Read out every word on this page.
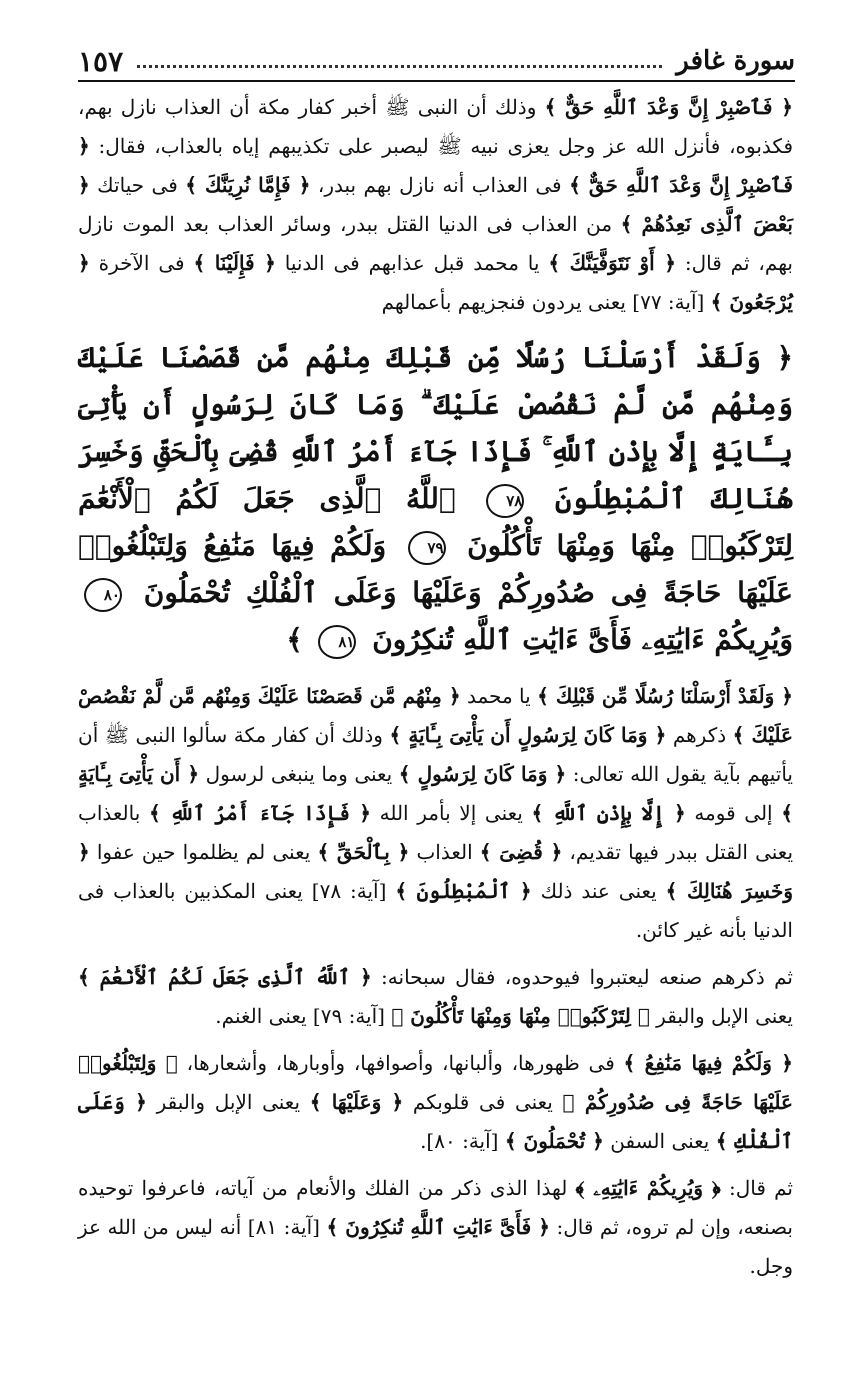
سورة غافر
١٥٧

﴿ فَٱصْبِرْ إِنَّ وَعْدَ ٱللَّهِ حَقٌّ ﴾ وذلك أن النبى ﷺ أخبر كفار مكة أن العذاب نازل بهم، فكذبوه، فأنزل الله عز وجل يعزى نبيه ﷺ ليصبر على تكذيبهم إياه بالعذاب، فقال: ﴿ فَٱصْبِرْ إِنَّ وَعْدَ ٱللَّهِ حَقٌّ ﴾ فى العذاب أنه نازل بهم ببدر، ﴿ فَإِمَّا نُرِيَنَّكَ ﴾ فى حياتك ﴿ بَعْضَ ٱلَّذِى نَعِدُهُمْ ﴾ من العذاب فى الدنيا القتل ببدر، وسائر العذاب بعد الموت نازل بهم، ثم قال: ﴿ أَوْ نَتَوَفَّيَنَّكَ ﴾ يا محمد قبل عذابهم فى الدنيا ﴿ فَإِلَيْنَا ﴾ فى الآخرة ﴿ يُرْجَعُونَ ﴾ [آية: ٧٧] يعنى يردون فنجزيهم بأعمالهم

﴿ وَلَقَدْ أَرْسَلْنَا رُسُلًا مِّن قَبْلِكَ مِنْهُم مَّن قَصَصْنَا عَلَيْكَ وَمِنْهُم مَّن لَّمْ نَقْصُصْ عَلَيْكَ ۗ وَمَا كَانَ لِرَسُولٍ أَن يَأْتِىَ بِـَٔايَةٍ إِلَّا بِإِذْنِ ٱللَّهِ ۚ فَإِذَا جَآءَ أَمْرُ ٱللَّهِ قُضِىَ بِٱلْحَقِّ وَخَسِرَ هُنَالِكَ ٱلْمُبْطِلُونَ ٧٨ ٱللَّهُ ٱلَّذِى جَعَلَ لَكُمُ ٱلْأَنْعَٰمَ لِتَرْكَبُوا۟ مِنْهَا وَمِنْهَا تَأْكُلُونَ ٧٩ وَلَكُمْ فِيهَا مَنَٰفِعُ وَلِتَبْلُغُوا۟ عَلَيْهَا حَاجَةً فِى صُدُورِكُمْ وَعَلَيْهَا وَعَلَى ٱلْفُلْكِ تُحْمَلُونَ ٨٠ وَيُرِيكُمْ ءَايَٰتِهِۦ فَأَىَّ ءَايَٰتِ ٱللَّهِ تُنكِرُونَ ٨١ ﴾

﴿ وَلَقَدْ أَرْسَلْنَا رُسُلًا مِّن قَبْلِكَ ﴾ يا محمد ﴿ مِنْهُم مَّن قَصَصْنَا عَلَيْكَ وَمِنْهُم مَّن لَّمْ نَقْصُصْ عَلَيْكَ ﴾ ذكرهم ﴿ وَمَا كَانَ لِرَسُولٍ أَن يَأْتِىَ بِـَٔايَةٍ ﴾ وذلك أن كفار مكة سألوا النبى ﷺ أن يأتيهم بآية يقول الله تعالى: ﴿ وَمَا كَانَ لِرَسُولٍ ﴾ يعنى وما ينبغى لرسول ﴿ أَن يَأْتِىَ بِـَٔايَةٍ ﴾ إلى قومه ﴿ إِلَّا بِإِذْنِ ٱللَّهِ ﴾ يعنى إلا بأمر الله ﴿ فَإِذَا جَآءَ أَمْرُ ٱللَّهِ ﴾ بالعذاب يعنى القتل ببدر فيها تقديم، ﴿ قُضِىَ ﴾ العذاب ﴿ بِٱلْحَقِّ ﴾ يعنى لم يظلموا حين عفوا ﴿ وَخَسِرَ هُنَالِكَ ﴾ يعنى عند ذلك ﴿ ٱلْمُبْطِلُونَ ﴾ [آية: ٧٨] يعنى المكذبين بالعذاب فى الدنيا بأنه غير كائن.

ثم ذكرهم صنعه ليعتبروا فيوحدوه، فقال سبحانه: ﴿ ٱللَّهُ ٱلَّذِى جَعَلَ لَكُمُ ٱلْأَنْعَٰمَ ﴾ يعنى الإبل والبقر ﴿ لِتَرْكَبُوا۟ مِنْهَا وَمِنْهَا تَأْكُلُونَ ﴾ [آية: ٧٩] يعنى الغنم.

﴿ وَلَكُمْ فِيهَا مَنَٰفِعُ ﴾ فى ظهورها، وألبانها، وأصوافها، وأوبارها، وأشعارها، ﴿ وَلِتَبْلُغُوا۟ عَلَيْهَا حَاجَةً فِى صُدُورِكُمْ ﴾ يعنى فى قلوبكم ﴿ وَعَلَيْهَا ﴾ يعنى الإبل والبقر ﴿ وَعَلَى ٱلْفُلْكِ ﴾ يعنى السفن ﴿ تُحْمَلُونَ ﴾ [آية: ٨٠].

ثم قال: ﴿ وَيُرِيكُمْ ءَايَٰتِهِۦ ﴾ لهذا الذى ذكر من الفلك والأنعام من آياته، فاعرفوا توحيده بصنعه، وإن لم تروه، ثم قال: ﴿ فَأَىَّ ءَايَٰتِ ٱللَّهِ تُنكِرُونَ ﴾ [آية: ٨١] أنه ليس من الله عز وجل.
